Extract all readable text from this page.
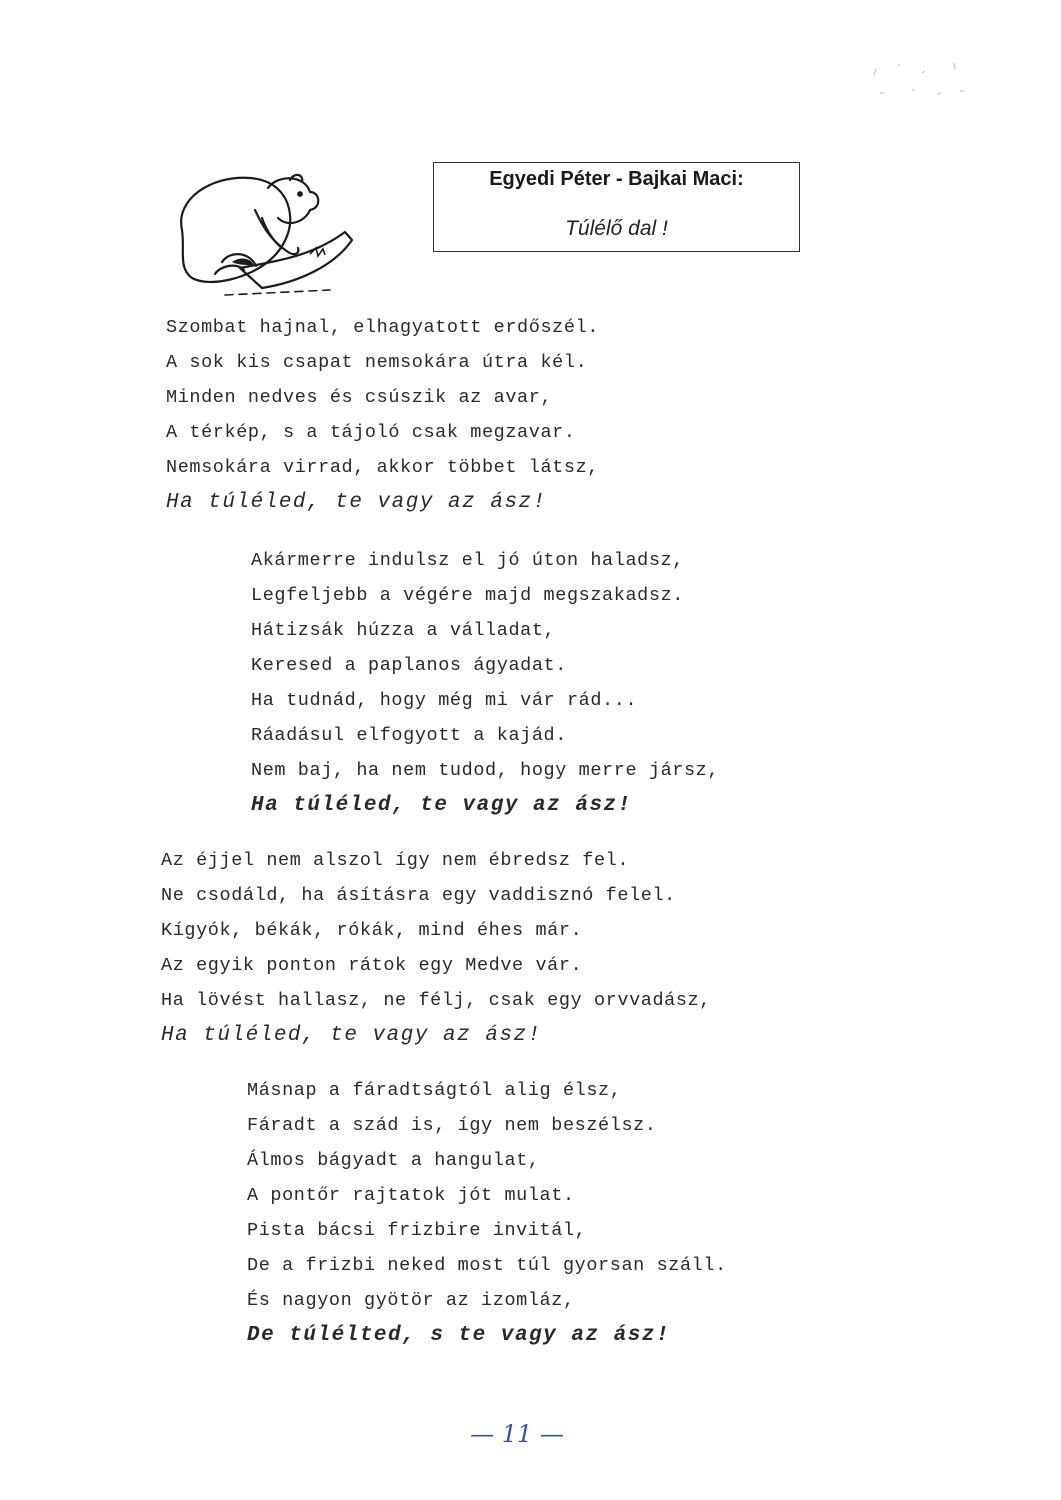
Egyedi Péter - Bajkai Maci:
Túlélő dal !
Szombat hajnal, elhagyatott erdőszél.
A sok kis csapat nemsokára útra kél.
Minden nedves és csúszik az avar,
A térkép, s a tájoló csak megzavar.
Nemsokára virrad, akkor többet látsz,
Ha túléled, te vagy az ász!
Akármerre indulsz el jó úton haladsz,
Legfeljebb a végére majd megszakadsz.
Hátizsák húzza a válladat,
Keresed a paplanos ágyadat.
Ha tudnád, hogy még mi vár rád...
Ráadásul elfogyott a kajád.
Nem baj, ha nem tudod, hogy merre jársz,
Ha túléled, te vagy az ász!
Az éjjel nem alszol így nem ébredsz fel.
Ne csodáld, ha ásításra egy vaddisznó felel.
Kígyók, békák, rókák, mind éhes már.
Az egyik ponton rátok egy Medve vár.
Ha lövést hallasz, ne félj, csak egy orvvadász,
Ha túléled, te vagy az ász!
Másnap a fáradtságtól alig élsz,
Fáradt a szád is, így nem beszélsz.
Álmos bágyadt a hangulat,
A pontőr rajtatok jót mulat.
Pista bácsi frizbire invitál,
De a frizbi neked most túl gyorsan száll.
És nagyon gyötör az izomláz,
De túlélted, s te vagy az ász!
— 11 —
